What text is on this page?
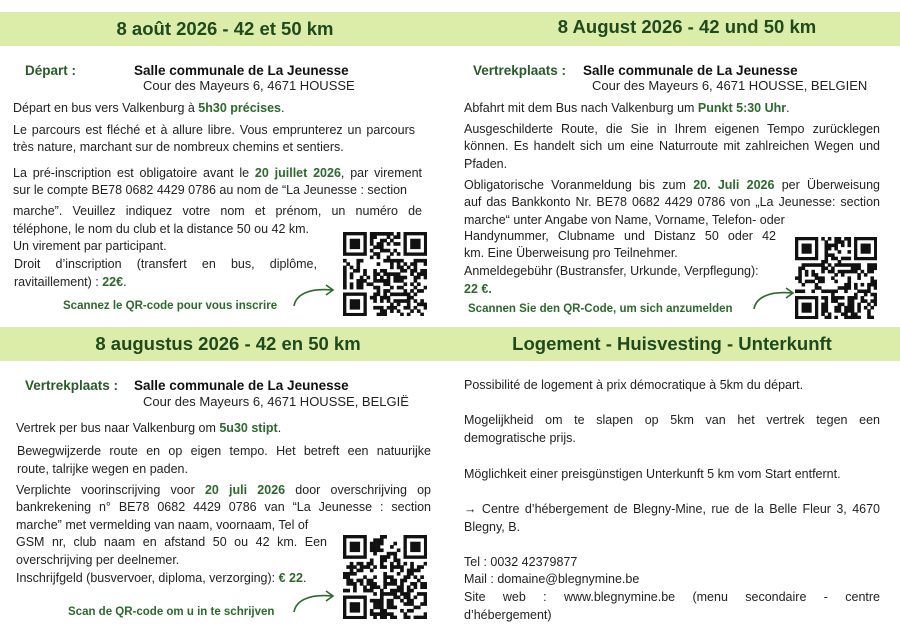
8 août 2026 - 42 et 50 km
Départ :	Salle communale de La Jeunesse
Cour des Mayeurs 6, 4671 HOUSSE
Départ en bus vers Valkenburg à 5h30 précises.
Le parcours est fléché et à allure libre. Vous emprunterez un parcours
très nature, marchant sur de nombreux chemins et sentiers.
La pré-inscription est obligatoire avant le 20 juillet 2026, par virement
sur le compte BE78 0682 4429 0786 au nom de “La Jeunesse : section
marche”. Veuillez indiquez votre nom et prénom, un numéro de
téléphone, le nom du club et la distance 50 ou 42 km.
Un virement par participant.
Droit d’inscription (transfert en bus, diplôme,
ravitaillement) : 22€.
Scannez le QR-code pour vous inscrire
8 August 2026 - 42 und 50 km
Vertrekplaats : Salle communale de La Jeunesse
Cour des Mayeurs 6, 4671 HOUSSE, BELGIEN
Abfahrt mit dem Bus nach Valkenburg um Punkt 5:30 Uhr.
Ausgeschilderte Route, die Sie in Ihrem eigenen Tempo zurücklegen
können. Es handelt sich um eine Naturroute mit zahlreichen Wegen und
Pfaden.
Obligatorische Voranmeldung bis zum 20. Juli 2026 per Überweisung
auf das Bankkonto Nr. BE78 0682 4429 0786 von „La Jeunesse: section
marche“ unter Angabe von Name, Vorname, Telefon- oder
Handynummer, Clubname und Distanz 50 oder 42
km. Eine Überweisung pro Teilnehmer.
Anmeldegebühr (Bustransfer, Urkunde, Verpflegung):
22 €.
Scannen Sie den QR-Code, um sich anzumelden
8 augustus 2026 - 42 en 50 km
Vertrekplaats : Salle communale de La Jeunesse
Cour des Mayeurs 6, 4671 HOUSSE, BELGIË
Vertrek per bus naar Valkenburg om 5u30 stipt.
Bewegwijzerde route en op eigen tempo. Het betreft een natuurijke
route, talrijke wegen en paden.
Verplichte voorinscrijving voor 20 juli 2026 door overschrijving op
bankrekening n° BE78 0682 4429 0786 van “La Jeunesse : section
marche” met vermelding van naam, voornaam, Tel of
GSM nr, club naam en afstand 50 ou 42 km. Een
overschrijving per deelnemer.
Inschrijfgeld (busvervoer, diploma, verzorging): € 22.
Scan de QR-code om u in te schrijven
Logement - Huisvesting - Unterkunft
Possibilité de logement à prix démocratique à 5km du départ.
Mogelijkheid om te slapen op 5km van het vertrek tegen een
demogratische prijs.
Möglichkeit einer preisgünstigen Unterkunft 5 km vom Start entfernt.
→ Centre d’hébergement de Blegny-Mine, rue de la Belle Fleur 3, 4670
Blegny, B.
Tel : 0032 42379877
Mail : domaine@blegnymine.be
Site web : www.blegnymine.be (menu secondaire - centre
d’hébergement)
